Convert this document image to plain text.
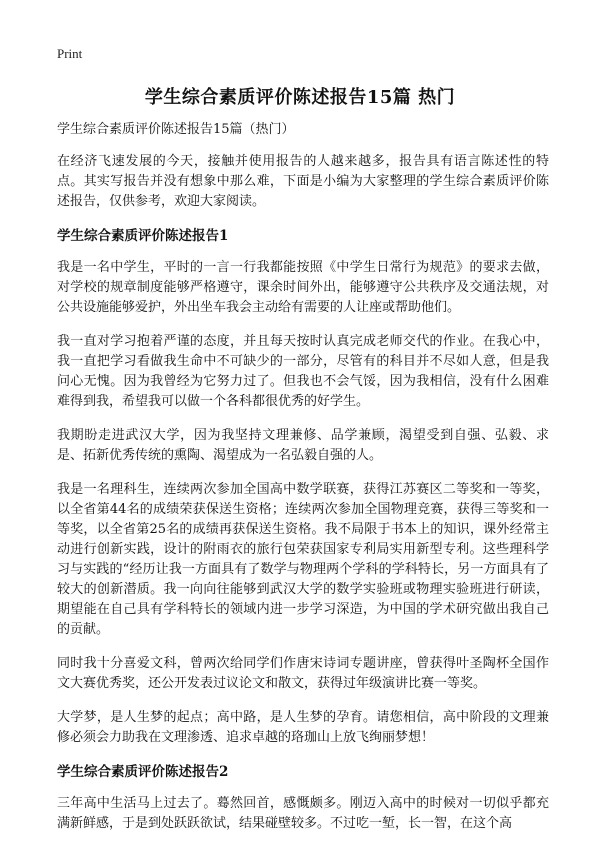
Print
学生综合素质评价陈述报告15篇 热门

学生综合素质评价陈述报告15篇（热门）

在经济飞速发展的今天，接触并使用报告的人越来越多，报告具有语言陈述性的特点。其实写报告并没有想象中那么难，下面是小编为大家整理的学生综合素质评价陈述报告，仅供参考，欢迎大家阅读。

学生综合素质评价陈述报告1

我是一名中学生，平时的一言一行我都能按照《中学生日常行为规范》的要求去做，对学校的规章制度能够严格遵守，课余时间外出，能够遵守公共秩序及交通法规，对公共设施能够爱护，外出坐车我会主动给有需要的人让座或帮助他们。

我一直对学习抱着严谨的态度，并且每天按时认真完成老师交代的作业。在我心中，我一直把学习看做我生命中不可缺少的一部分，尽管有的科目并不尽如人意，但是我问心无愧。因为我曾经为它努力过了。但我也不会气馁，因为我相信，没有什么困难难得到我，希望我可以做一个各科都很优秀的好学生。

我期盼走进武汉大学，因为我坚持文理兼修、品学兼顾，渴望受到自强、弘毅、求是、拓新优秀传统的熏陶、渴望成为一名弘毅自强的人。

我是一名理科生，连续两次参加全国高中数学联赛，获得江苏赛区二等奖和一等奖，以全省第44名的成绩荣获保送生资格；连续两次参加全国物理竞赛，获得三等奖和一等奖，以全省第25名的成绩再获保送生资格。我不局限于书本上的知识，课外经常主动进行创新实践，设计的附雨衣的旅行包荣获国家专利局实用新型专利。这些理科学习与实践的“经历让我一方面具有了数学与物理两个学科的学科特长，另一方面具有了较大的创新潜质。我一向向往能够到武汉大学的数学实验班或物理实验班进行研读，期望能在自己具有学科特长的领域内进一步学习深造，为中国的学术研究做出我自己的贡献。

同时我十分喜爱文科，曾两次给同学们作唐宋诗词专题讲座，曾获得叶圣陶杯全国作文大赛优秀奖，还公开发表过议论文和散文，获得过年级演讲比赛一等奖。

大学梦，是人生梦的起点；高中路，是人生梦的孕育。请您相信，高中阶段的文理兼修必须会力助我在文理渗透、追求卓越的珞珈山上放飞绚丽梦想！

学生综合素质评价陈述报告2

三年高中生活马上过去了。蓦然回首，感慨颇多。刚迈入高中的时候对一切似乎都充满新鲜感，于是到处跃跃欲试，结果碰壁较多。不过吃一堑，长一智，在这个高
